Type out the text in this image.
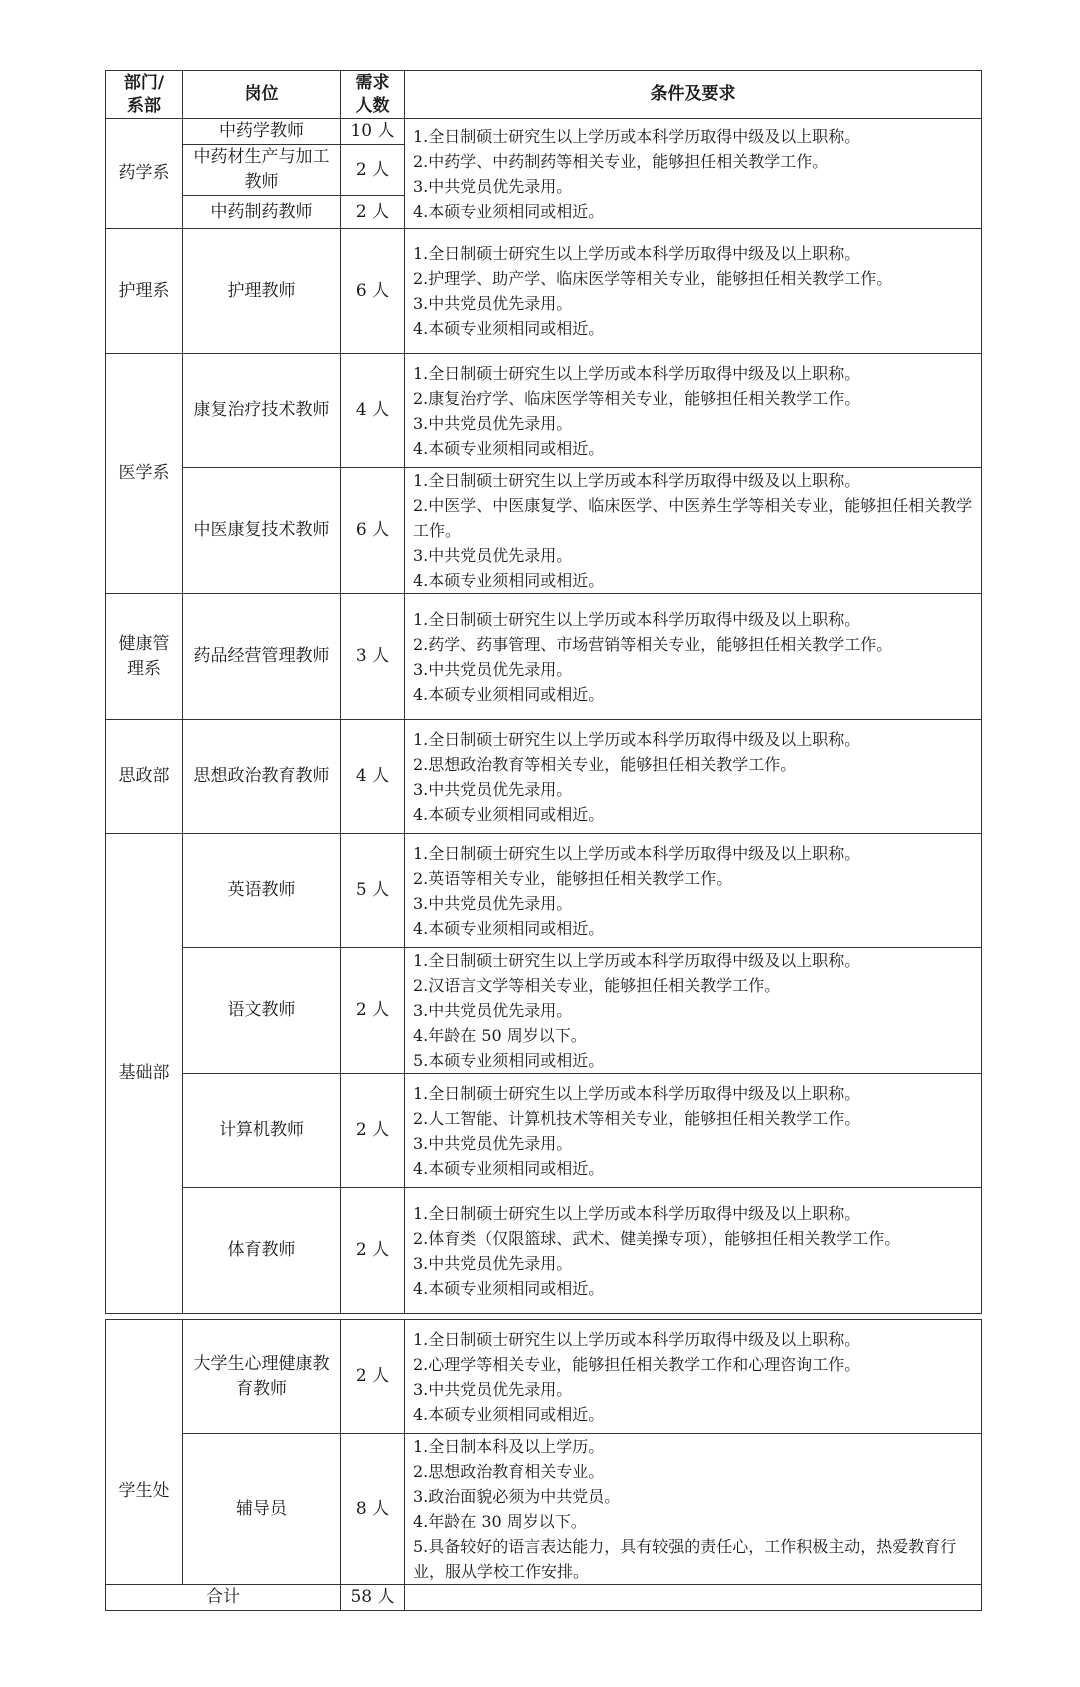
部门/系部	岗位	需求人数	条件及要求
药学系	中药学教师	10 人	1.全日制硕士研究生以上学历或本科学历取得中级及以上职称。
2.中药学、中药制药等相关专业，能够担任相关教学工作。
3.中共党员优先录用。
4.本硕专业须相同或相近。

	中药材生产与加工教师	2 人	
	中药制药教师	2 人	
护理系	护理教师	6 人	1.全日制硕士研究生以上学历或本科学历取得中级及以上职称。
2.护理学、助产学、临床医学等相关专业，能够担任相关教学工作。
3.中共党员优先录用。
4.本硕专业须相同或相近。

医学系	康复治疗技术教师	4 人	1.全日制硕士研究生以上学历或本科学历取得中级及以上职称。
2.康复治疗学、临床医学等相关专业，能够担任相关教学工作。
3.中共党员优先录用。
4.本硕专业须相同或相近。

	中医康复技术教师	6 人	1.全日制硕士研究生以上学历或本科学历取得中级及以上职称。
2.中医学、中医康复学、临床医学、中医养生学等相关专业，能够担任相关教学工作。
3.中共党员优先录用。
4.本硕专业须相同或相近。

健康管理系	药品经营管理教师	3 人	1.全日制硕士研究生以上学历或本科学历取得中级及以上职称。
2.药学、药事管理、市场营销等相关专业，能够担任相关教学工作。
3.中共党员优先录用。
4.本硕专业须相同或相近。

思政部	思想政治教育教师	4 人	1.全日制硕士研究生以上学历或本科学历取得中级及以上职称。
2.思想政治教育等相关专业，能够担任相关教学工作。
3.中共党员优先录用。
4.本硕专业须相同或相近。

基础部	英语教师	5 人	1.全日制硕士研究生以上学历或本科学历取得中级及以上职称。
2.英语等相关专业，能够担任相关教学工作。
3.中共党员优先录用。
4.本硕专业须相同或相近。

	语文教师	2 人	1.全日制硕士研究生以上学历或本科学历取得中级及以上职称。
2.汉语言文学等相关专业，能够担任相关教学工作。
3.中共党员优先录用。
4.年龄在 50 周岁以下。
5.本硕专业须相同或相近。

	计算机教师	2 人	1.全日制硕士研究生以上学历或本科学历取得中级及以上职称。
2.人工智能、计算机技术等相关专业，能够担任相关教学工作。
3.中共党员优先录用。
4.本硕专业须相同或相近。

	体育教师	2 人	1.全日制硕士研究生以上学历或本科学历取得中级及以上职称。
2.体育类（仅限篮球、武术、健美操专项），能够担任相关教学工作。
3.中共党员优先录用。
4.本硕专业须相同或相近。

学生处	大学生心理健康教育教师	2 人	1.全日制硕士研究生以上学历或本科学历取得中级及以上职称。
2.心理学等相关专业，能够担任相关教学工作和心理咨询工作。
3.中共党员优先录用。
4.本硕专业须相同或相近。

	辅导员	8 人	1.全日制本科及以上学历。
2.思想政治教育相关专业。
3.政治面貌必须为中共党员。
4.年龄在 30 周岁以下。
5.具备较好的语言表达能力，具有较强的责任心，工作积极主动，热爱教育行业，服从学校工作安排。

合计		58 人	
